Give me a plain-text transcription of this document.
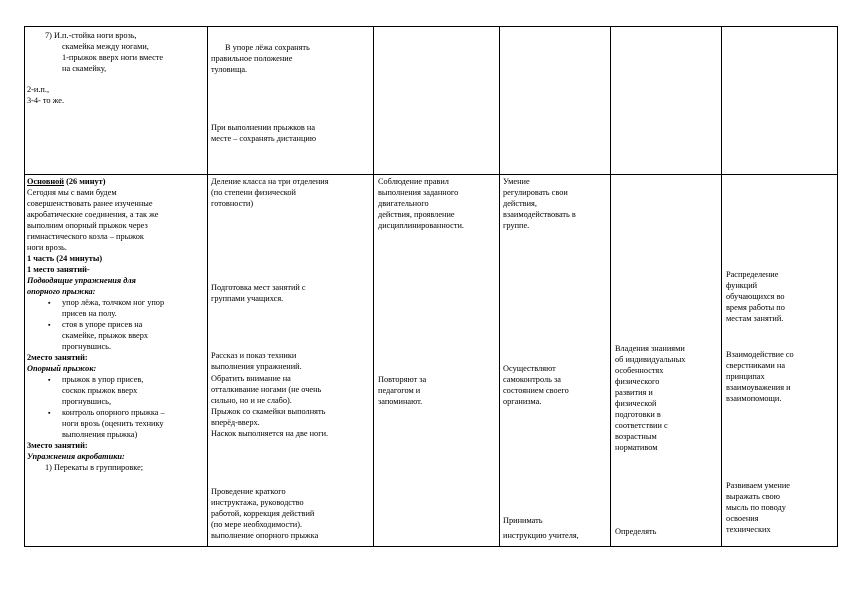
7) И.п.-стойка ноги врозь,
скамейка между ногами,
1-прыжок вверх ноги вместе
на скамейку,
2-и.п.,
3-4- то же.
В упоре лёжа сохранять
правильное положение
туловища.
При выполнении прыжков на
месте – сохранять дистанцию
Основной (26 минут)
Сегодня мы с вами будем
совершенствовать ранее изученные
акробатические соединения, а так же
выполним опорный прыжок через
гимнастического козла – прыжок
ноги врозь.
1 часть (24 минуты)
1 место занятий-
Подводящие упражнения для
опорного прыжка:
▪ упор лёжа, толчком ног упор
присев на полу.
▪ стоя в упоре присев на
скамейке, прыжок вверх
прогнувшись.
2место занятий:
Опорный прыжок:
▪ прыжок в упор присев,
соскок прыжок вверх
прогнувшись,
▪ контроль опорного прыжка –
ноги врозь (оценить технику
выполнения прыжка)
3место занятий:
Упражнения акробатики:
1) Перекаты в группировке;
Деление класса на три отделения
(по степени физической
готовности)
Подготовка мест занятий с
группами учащихся.
Рассказ и показ техники
выполнения упражнений.
Обратить внимание на
отталкивание ногами (не очень
сильно, но и не слабо).
Прыжок со скамейки выполнять
вперёд-вверх.
Наскок выполняется на две ноги.
Проведение краткого
инструктажа, руководство
работой, коррекция действий
(по мере необходимости).
выполнение опорного прыжка
Соблюдение правил
выполнения заданного
двигательного
действия, проявление
дисциплинированности.
Повторяют за
педагогом и
запоминают.
Умение
регулировать свои
действия,
взаимодействовать в
группе.
Осуществляют
самоконтроль за
состоянием своего
организма.
Принимать
инструкцию учителя,
Владения знаниями
об индивидуальных
особенностях
физического
развития и
физической
подготовки в
соответствии с
возрастным
нормативом
Определять
Распределение
функций
обучающихся во
время работы по
местам занятий.
Взаимодействие со
сверстниками на
принципах
взаимоуважения и
взаимопомощи.
Развиваем умение
выражать свою
мысль по поводу
освоения
технических
